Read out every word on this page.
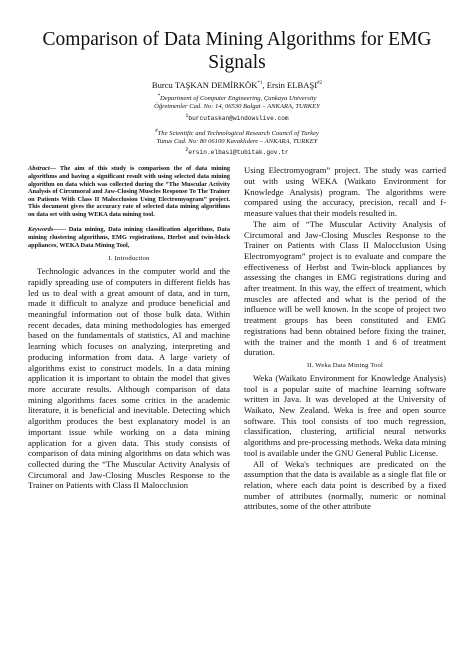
Comparison of Data Mining Algorithms for EMG Signals
Burcu TAŞKAN DEMİRKÖK$^{*1}$, Ersin ELBAŞI$^{\#2}$
*Department of Computer Engineering, Çankaya University
Öğretmenler Cad. No: 14, 06530 Balgat – ANKARA, TURKEY
$^1$burcutaskan@windowslive.com
#The Scientific and Technological Research Council of Turkey
Tunus Cad. No: 80 06100 Kavaklıdere – ANKARA, TURKEY
$^2$ersin.elbasi@tubitak.gov.tr
Abstract— The aim of this study is comparison the of data mining algorithms and having a significant result with using selected data mining algorithm on data which was collected during the “The Muscular Activity Analysis of Circumoral and Jaw-Closing Muscles Response To The Trainer on Patients With Class II Malocclusion Using Electromyogram” project. This document gives the accuracy rate of selected data mining algorithms on data set with using WEKA data mining tool.
Keywords—— Data mining, Data mining classification algorithms, Data mining clustering algorithms, EMG registrations, Herbst and twin-block appliances, WEKA Data Mining Tool,
I. Introduction

Technologic advances in the computer world and the rapidly spreading use of computers in different fields has led us to deal with a great amount of data, and in turn, made it difficult to analyze and produce beneficial and meaningful information out of those bulk data. Within recent decades, data mining methodologies has emerged based on the fundamentals of statistics, AI and machine learning which focuses on analyzing, interpreting and producing information from data. A large variety of algorithms exist to construct models. In a data mining application it is important to obtain the model that gives more accurate results. Although comparison of data mining algorithms faces some critics in the academic literature, it is beneficial and inevitable. Detecting which algorithm produces the best explanatory model is an important issue while working on a data mining application for a given data. This study consists of comparison of data mining algorithms on data which was collected during the “The Muscular Activity Analysis of Circumoral and Jaw-Closing Muscles Response to the Trainer on Patients with Class II Malocclusion

Using Electromyogram” project. The study was carried out with using WEKA (Waikato Environment for Knowledge Analysis) program. The algorithms were compared using the accuracy, precision, recall and f-measure values that their models resulted in.

The aim of “The Muscular Activity Analysis of Circumoral and Jaw-Closing Muscles Response to the Trainer on Patients with Class II Malocclusion Using Electromyogram” project is to evaluate and compare the effectiveness of Herbst and Twin-block appliances by assessing the changes in EMG registrations during and after treatment. In this way, the effect of treatment, which muscles are affected and what is the period of the influence will be well known. In the scope of project two treatment groups has been constituted and EMG registrations had benn obtained before fixing the trainer, with the trainer and the month 1 and 6 of treatment duration.

II. Weka Data Mining Tool

Weka (Waikato Environment for Knowledge Analysis) tool is a popular suite of machine learning software written in Java. It was developed at the University of Waikato, New Zealand. Weka is free and open source software. This tool consists of too much regression, classification, clustering, artificial neural networks algorithms and pre-processing methods. Weka data mining tool is available under the GNU General Public License.

All of Weka's techniques are predicated on the assumption that the data is available as a single flat file or relation, where each data point is described by a fixed number of attributes (normally, numeric or nominal attributes, some of the other attribute
